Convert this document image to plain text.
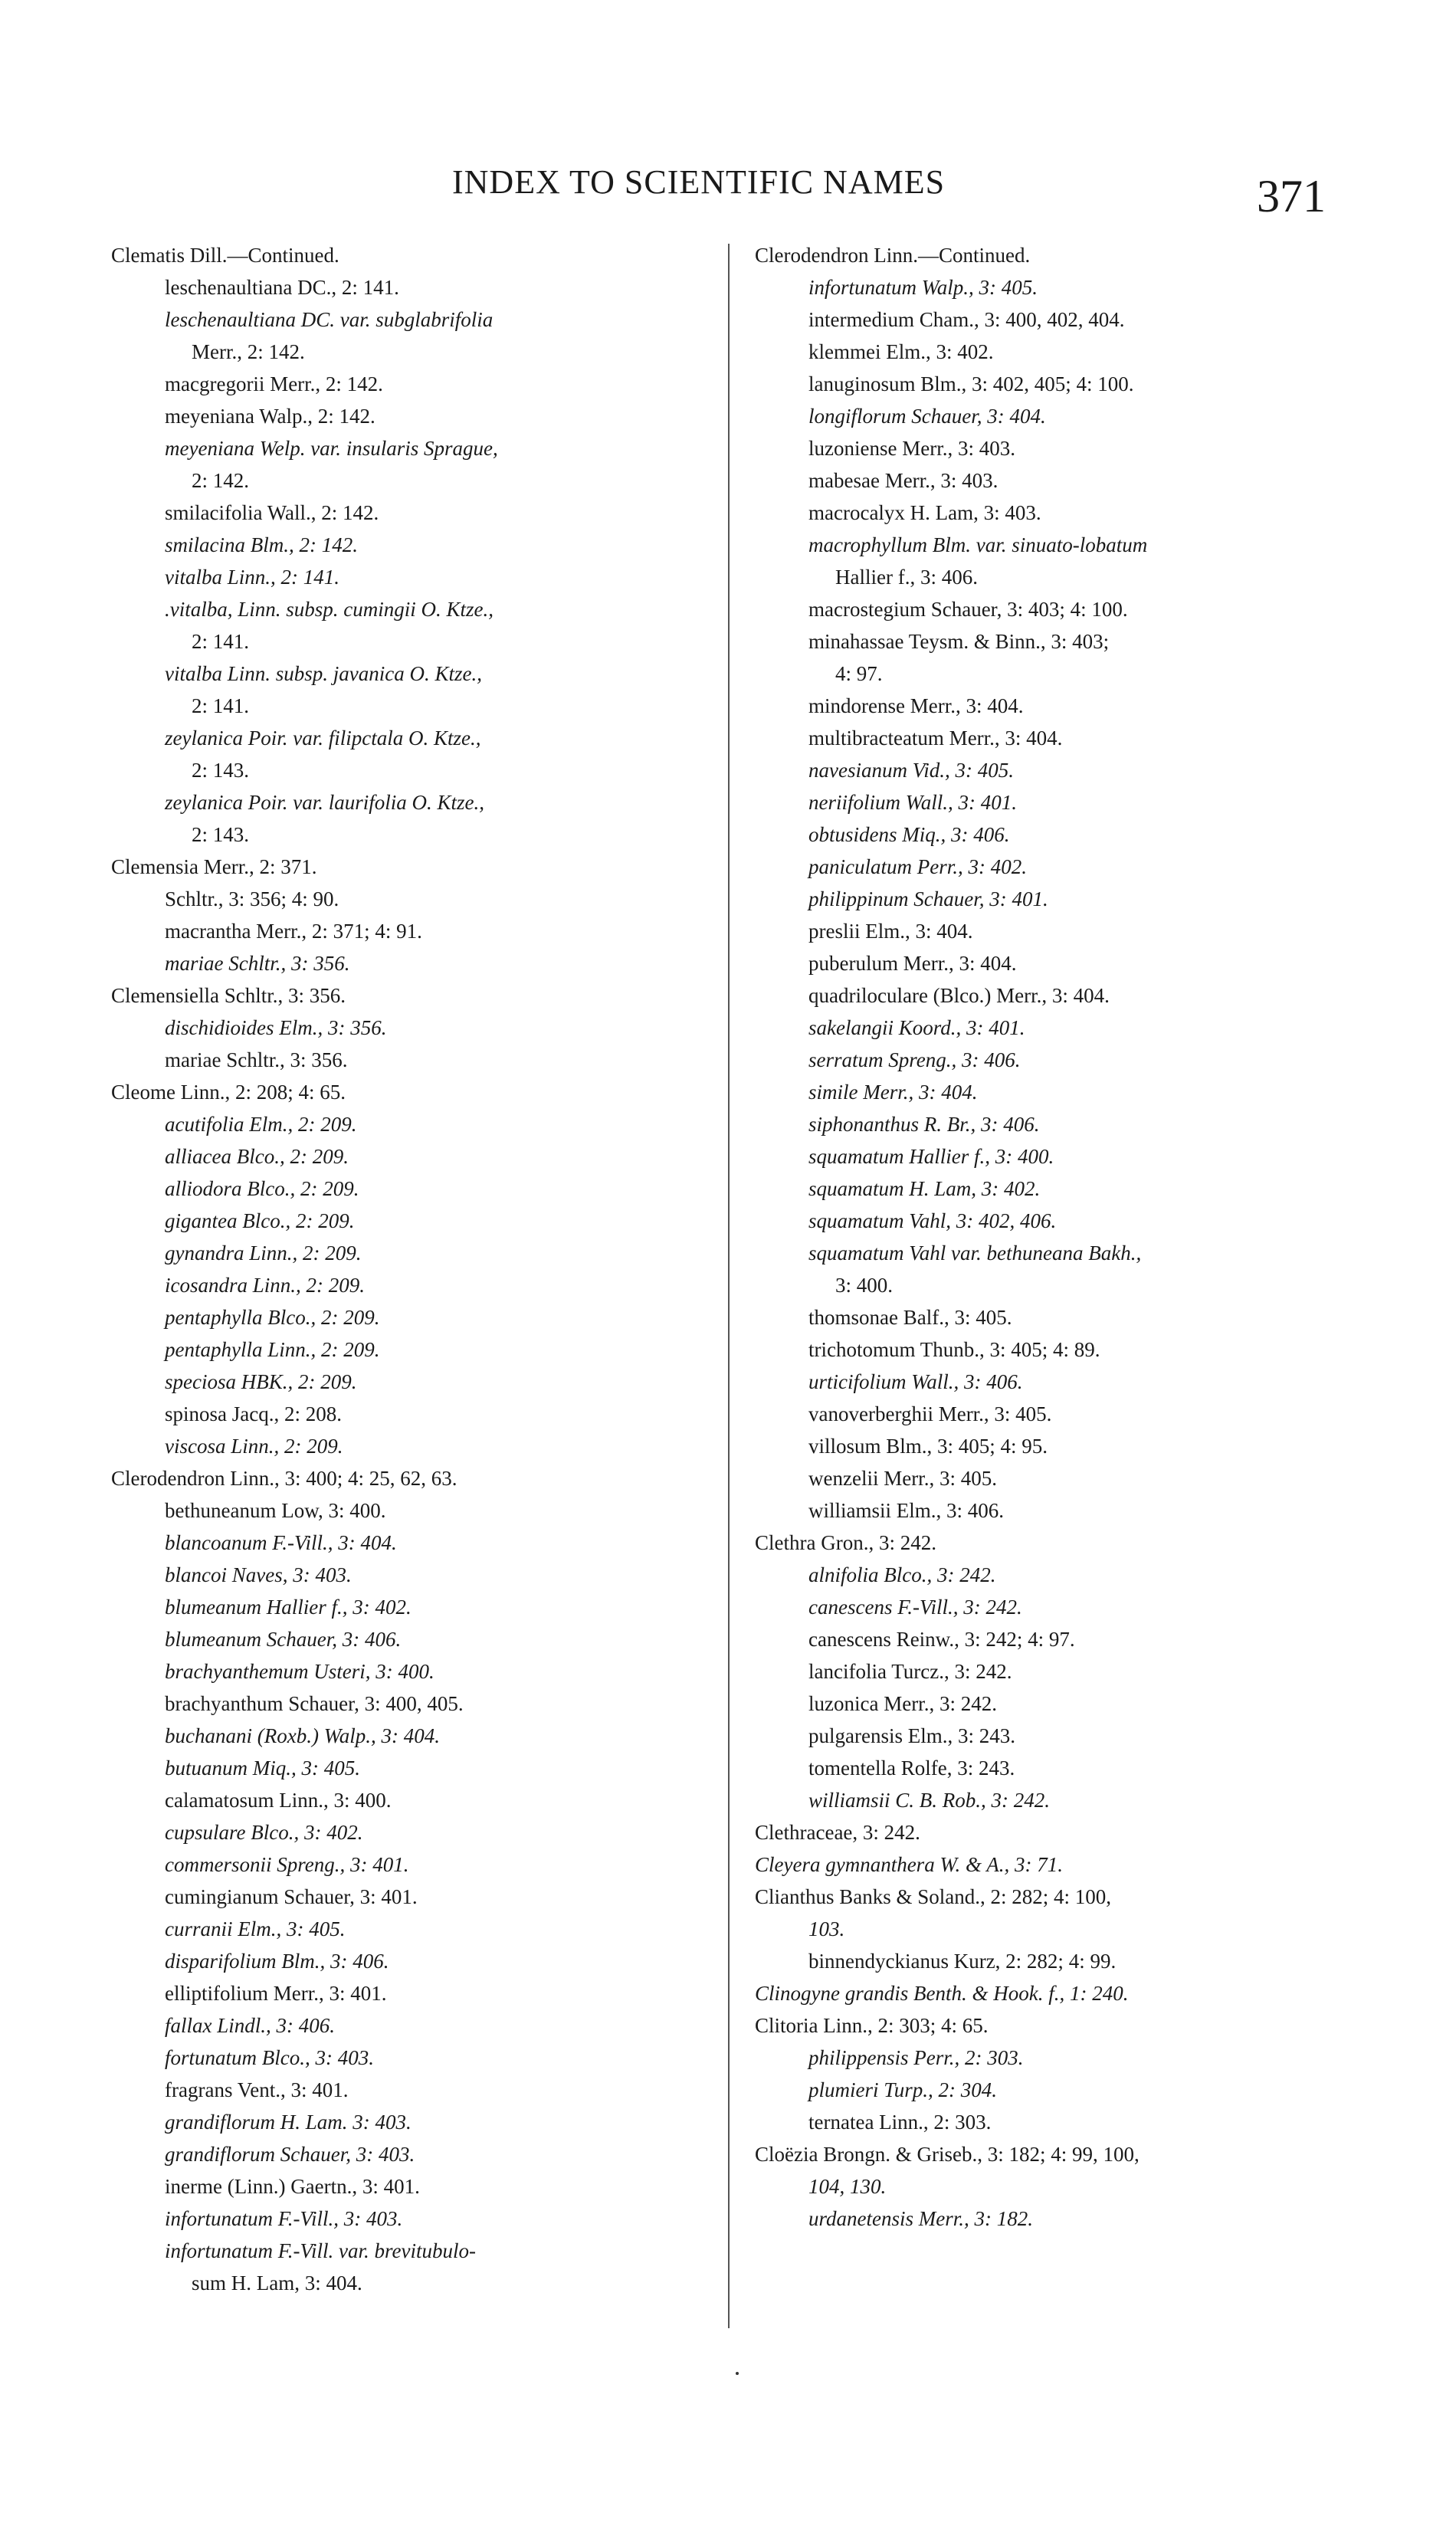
INDEX TO SCIENTIFIC NAMES	371
Clematis Dill.—Continued.
leschenaultiana DC., 2: 141.
leschenaultiana DC. var. subglabrifolia
Merr., 2: 142.
macgregorii Merr., 2: 142.
meyeniana Walp., 2: 142.
meyeniana Welp. var. insularis Sprague,
2: 142.
smilacifolia Wall., 2: 142.
smilacina Blm., 2: 142.
vitalba Linn., 2: 141.
.vitalba, Linn. subsp. cumingii O. Ktze.,
2: 141.
vitalba Linn. subsp. javanica O. Ktze.,
2: 141.
zeylanica Poir. var. filipctala O. Ktze.,
2: 143.
zeylanica Poir. var. laurifolia O. Ktze.,
2: 143.
Clemensia Merr., 2: 371.
Schltr., 3: 356; 4: 90.
macrantha Merr., 2: 371; 4: 91.
mariae Schltr., 3: 356.
Clemensiella Schltr., 3: 356.
dischidioides Elm., 3: 356.
mariae Schltr., 3: 356.
Cleome Linn., 2: 208; 4: 65.
acutifolia Elm., 2: 209.
alliacea Blco., 2: 209.
alliodora Blco., 2: 209.
gigantea Blco., 2: 209.
gynandra Linn., 2: 209.
icosandra Linn., 2: 209.
pentaphylla Blco., 2: 209.
pentaphylla Linn., 2: 209.
speciosa HBK., 2: 209.
spinosa Jacq., 2: 208.
viscosa Linn., 2: 209.
Clerodendron Linn., 3: 400; 4: 25, 62, 63.
bethuneanum Low, 3: 400.
blancoanum F.-Vill., 3: 404.
blancoi Naves, 3: 403.
blumeanum Hallier f., 3: 402.
blumeanum Schauer, 3: 406.
brachyanthemum Usteri, 3: 400.
brachyanthum Schauer, 3: 400, 405.
buchanani (Roxb.) Walp., 3: 404.
butuanum Miq., 3: 405.
calamatosum Linn., 3: 400.
cupsulare Blco., 3: 402.
commersonii Spreng., 3: 401.
cumingianum Schauer, 3: 401.
curranii Elm., 3: 405.
disparifolium Blm., 3: 406.
elliptifolium Merr., 3: 401.
fallax Lindl., 3: 406.
fortunatum Blco., 3: 403.
fragrans Vent., 3: 401.
grandiflorum H. Lam. 3: 403.
grandiflorum Schauer, 3: 403.
inerme (Linn.) Gaertn., 3: 401.
infortunatum F.-Vill., 3: 403.
infortunatum F.-Vill. var. brevitubulo-
sum H. Lam, 3: 404.
Clerodendron Linn.—Continued.
infortunatum Walp., 3: 405.
intermedium Cham., 3: 400, 402, 404.
klemmei Elm., 3: 402.
lanuginosum Blm., 3: 402, 405; 4: 100.
longiflorum Schauer, 3: 404.
luzoniense Merr., 3: 403.
mabesae Merr., 3: 403.
macrocalyx H. Lam, 3: 403.
macrophyllum Blm. var. sinuato-lobatum
Hallier f., 3: 406.
macrostegium Schauer, 3: 403; 4: 100.
minahassae Teysm. & Binn., 3: 403;
4: 97.
mindorense Merr., 3: 404.
multibracteatum Merr., 3: 404.
navesianum Vid., 3: 405.
neriifolium Wall., 3: 401.
obtusidens Miq., 3: 406.
paniculatum Perr., 3: 402.
philippinum Schauer, 3: 401.
preslii Elm., 3: 404.
puberulum Merr., 3: 404.
quadriloculare (Blco.) Merr., 3: 404.
sakelangii Koord., 3: 401.
serratum Spreng., 3: 406.
simile Merr., 3: 404.
siphonanthus R. Br., 3: 406.
squamatum Hallier f., 3: 400.
squamatum H. Lam, 3: 402.
squamatum Vahl, 3: 402, 406.
squamatum Vahl var. bethuneana Bakh.,
3: 400.
thomsonae Balf., 3: 405.
trichotomum Thunb., 3: 405; 4: 89.
urticifolium Wall., 3: 406.
vanoverberghii Merr., 3: 405.
villosum Blm., 3: 405; 4: 95.
wenzelii Merr., 3: 405.
williamsii Elm., 3: 406.
Clethra Gron., 3: 242.
alnifolia Blco., 3: 242.
canescens F.-Vill., 3: 242.
canescens Reinw., 3: 242; 4: 97.
lancifolia Turcz., 3: 242.
luzonica Merr., 3: 242.
pulgarensis Elm., 3: 243.
tomentella Rolfe, 3: 243.
williamsii C. B. Rob., 3: 242.
Clethraceae, 3: 242.
Cleyera gymnanthera W. & A., 3: 71.
Clianthus Banks & Soland., 2: 282; 4: 100,
103.
binnendyckianus Kurz, 2: 282; 4: 99.
Clinogyne grandis Benth. & Hook. f., 1: 240.
Clitoria Linn., 2: 303; 4: 65.
philippensis Perr., 2: 303.
plumieri Turp., 2: 304.
ternatea Linn., 2: 303.
Cloëzia Brongn. & Griseb., 3: 182; 4: 99, 100,
104, 130.
urdanetensis Merr., 3: 182.
